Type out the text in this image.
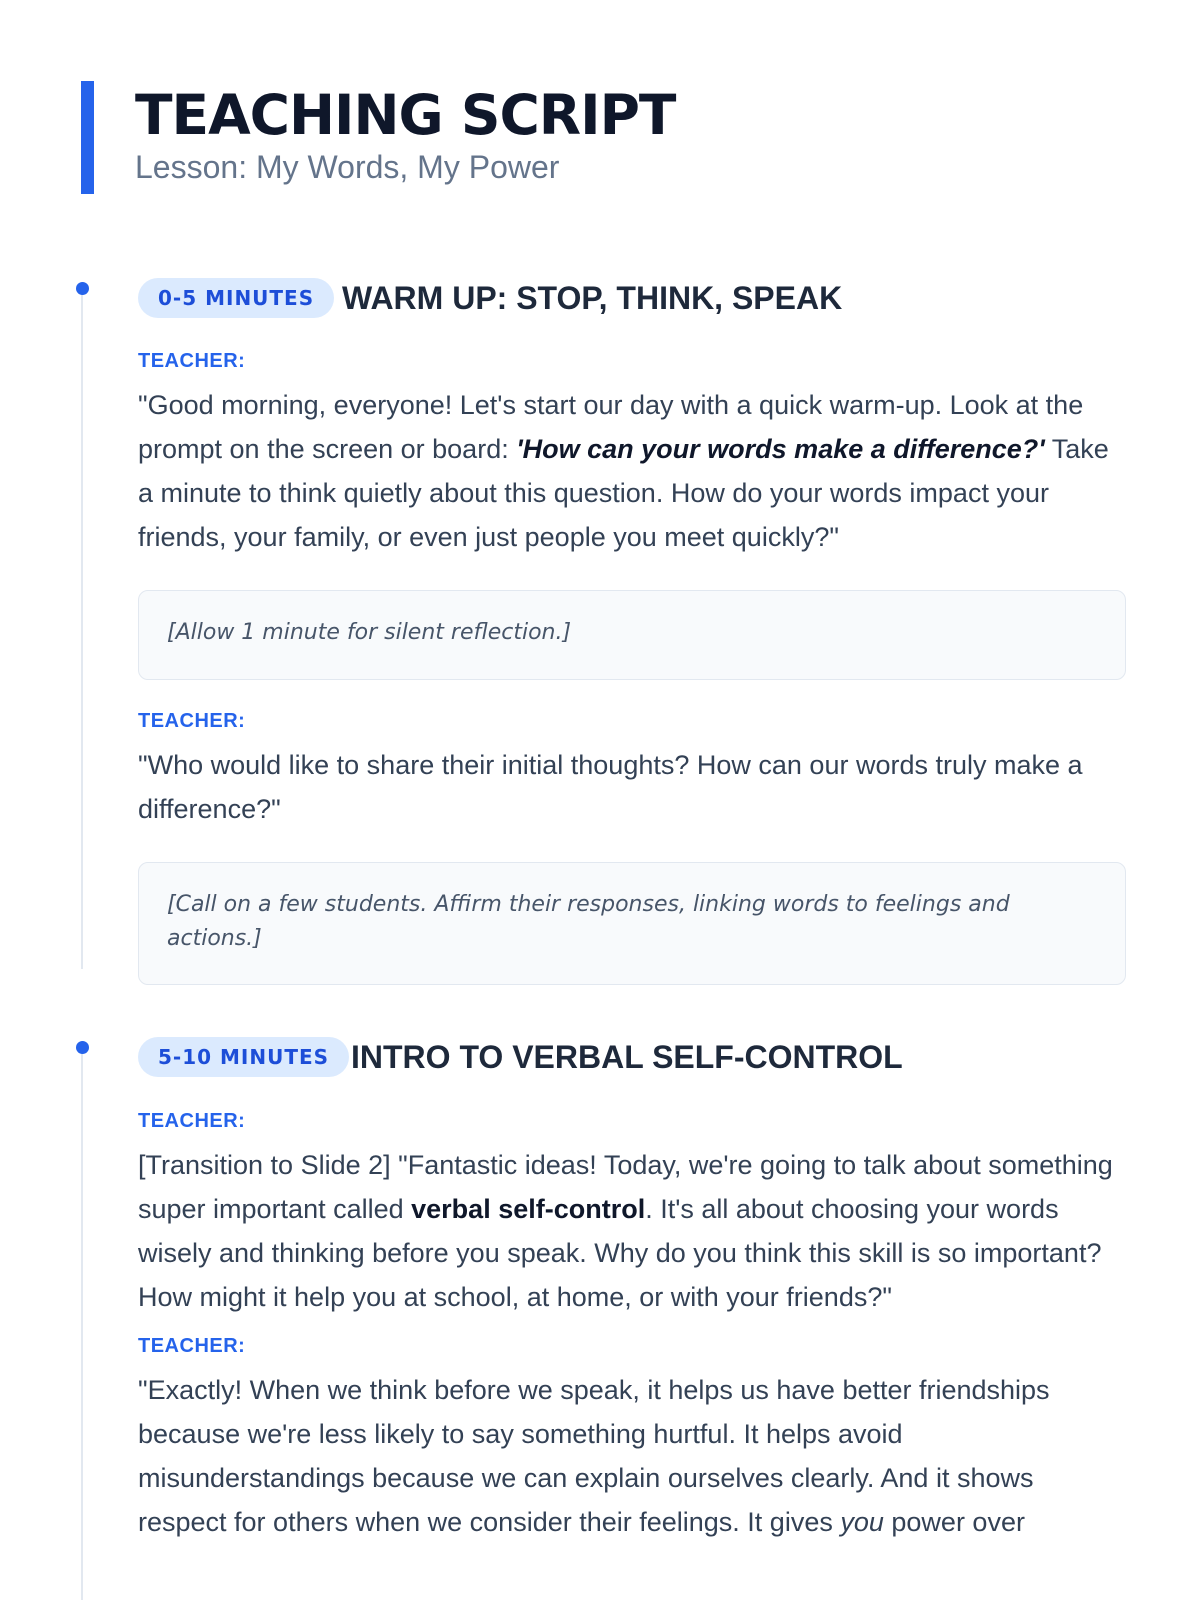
TEACHING SCRIPT
Lesson: My Words, My Power
0-5 MINUTES WARM UP: STOP, THINK, SPEAK
TEACHER:

"Good morning, everyone! Let's start our day with a quick warm-up. Look at the prompt on the screen or board: 'How can your words make a difference?' Take a minute to think quietly about this question. How do your words impact your friends, your family, or even just people you meet quickly?"

[Allow 1 minute for silent reflection.]
TEACHER:

"Who would like to share their initial thoughts? How can our words truly make a difference?"

[Call on a few students. Affirm their responses, linking words to feelings and actions.]
5-10 MINUTES INTRO TO VERBAL SELF-CONTROL
TEACHER:

[Transition to Slide 2] "Fantastic ideas! Today, we're going to talk about something super important called verbal self-control. It's all about choosing your words wisely and thinking before you speak. Why do you think this skill is so important? How might it help you at school, at home, or with your friends?"

TEACHER:

"Exactly! When we think before we speak, it helps us have better friendships because we're less likely to say something hurtful. It helps avoid misunderstandings because we can explain ourselves clearly. And it shows respect for others when we consider their feelings. It gives you power over
